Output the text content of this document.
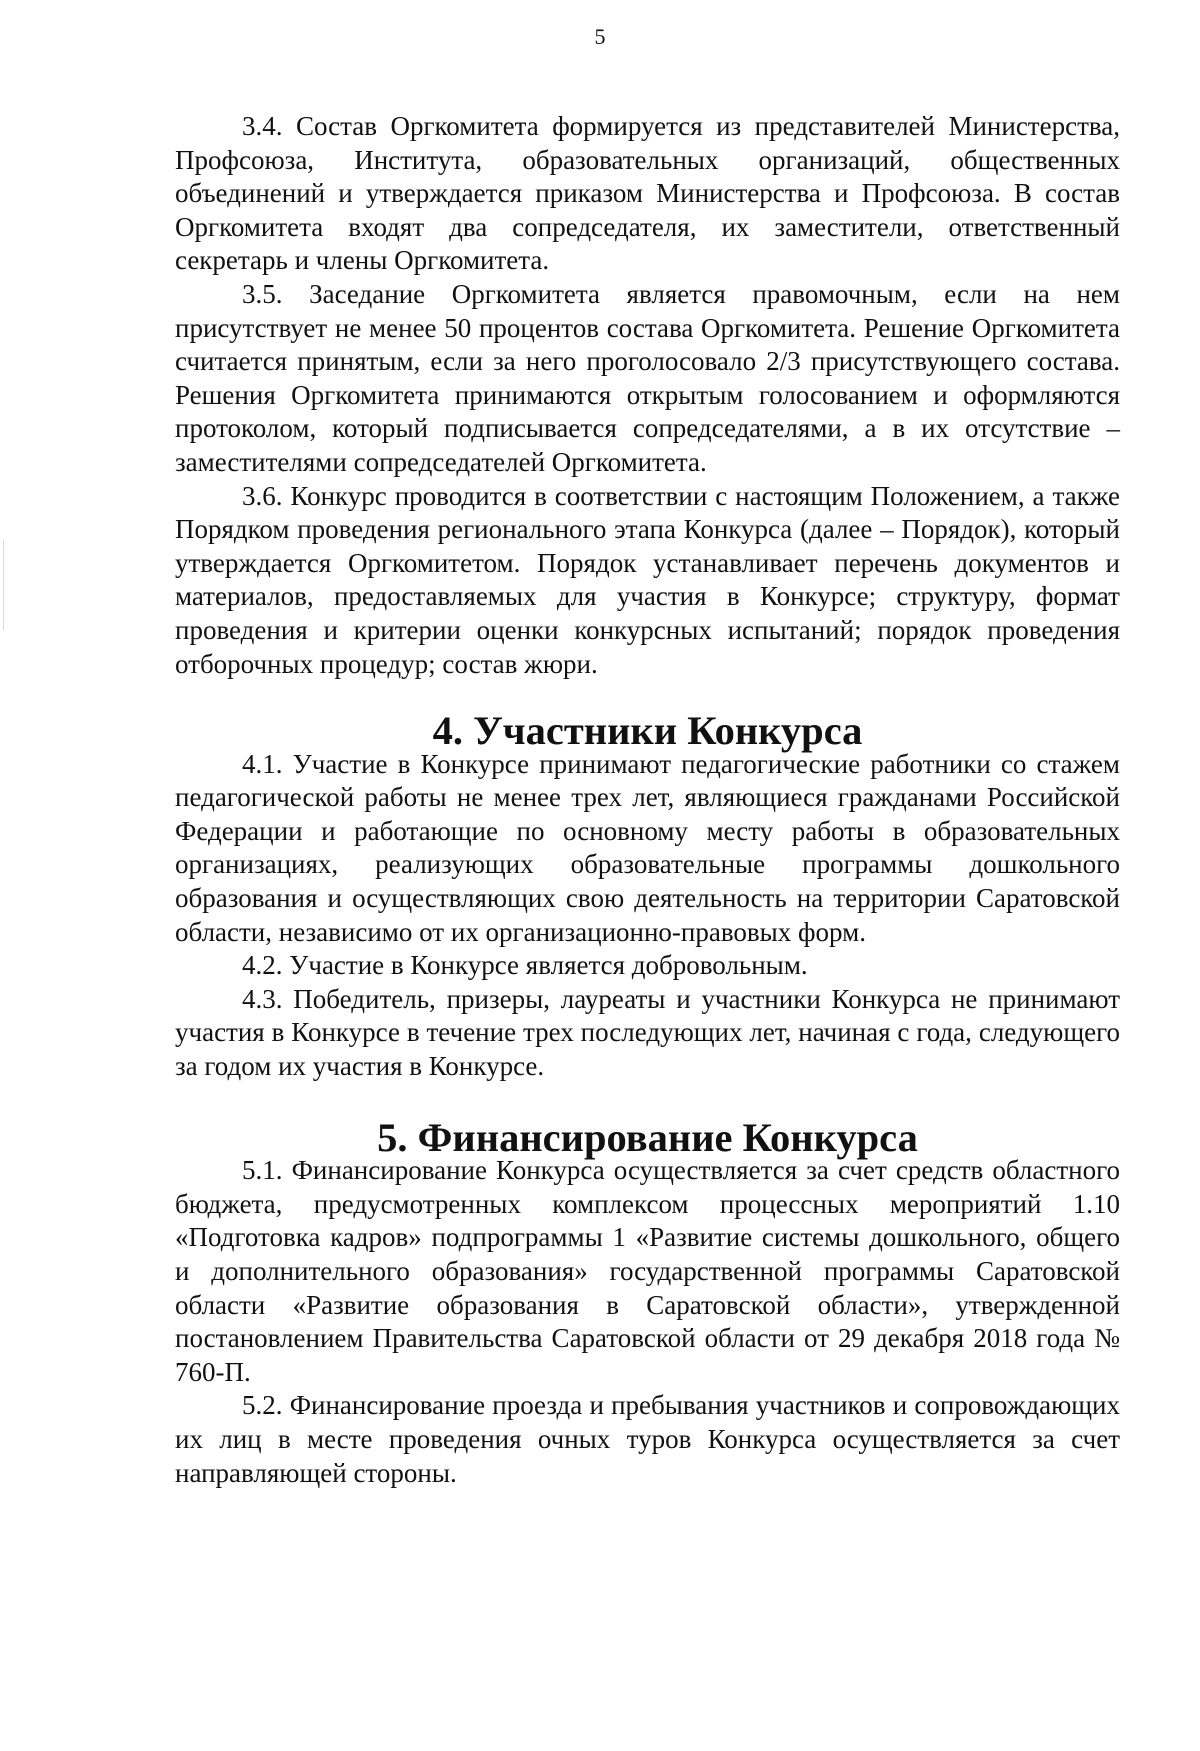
5

3.4. Состав Оргкомитета формируется из представителей Министерства, Профсоюза, Института, образовательных организаций, общественных объединений и утверждается приказом Министерства и Профсоюза. В состав Оргкомитета входят два сопредседателя, их заместители, ответственный секретарь и члены Оргкомитета.

3.5. Заседание Оргкомитета является правомочным, если на нем присутствует не менее 50 процентов состава Оргкомитета. Решение Оргкомитета считается принятым, если за него проголосовало 2/3 присутствующего состава. Решения Оргкомитета принимаются открытым голосованием и оформляются протоколом, который подписывается сопредседателями, а в их отсутствие – заместителями сопредседателей Оргкомитета.

3.6. Конкурс проводится в соответствии с настоящим Положением, а также Порядком проведения регионального этапа Конкурса (далее – Порядок), который утверждается Оргкомитетом. Порядок устанавливает перечень документов и материалов, предоставляемых для участия в Конкурсе; структуру, формат проведения и критерии оценки конкурсных испытаний; порядок проведения отборочных процедур; состав жюри.

4. Участники Конкурса

4.1. Участие в Конкурсе принимают педагогические работники со стажем педагогической работы не менее трех лет, являющиеся гражданами Российской Федерации и работающие по основному месту работы в образовательных организациях, реализующих образовательные программы дошкольного образования и осуществляющих свою деятельность на территории Саратовской области, независимо от их организационно-правовых форм.

4.2. Участие в Конкурсе является добровольным.

4.3. Победитель, призеры, лауреаты и участники Конкурса не принимают участия в Конкурсе в течение трех последующих лет, начиная с года, следующего за годом их участия в Конкурсе.

5. Финансирование Конкурса

5.1. Финансирование Конкурса осуществляется за счет средств областного бюджета, предусмотренных комплексом процессных мероприятий 1.10 «Подготовка кадров» подпрограммы 1 «Развитие системы дошкольного, общего и дополнительного образования» государственной программы Саратовской области «Развитие образования в Саратовской области», утвержденной постановлением Правительства Саратовской области от 29 декабря 2018 года № 760-П.

5.2. Финансирование проезда и пребывания участников и сопровождающих их лиц в месте проведения очных туров Конкурса осуществляется за счет направляющей стороны.
